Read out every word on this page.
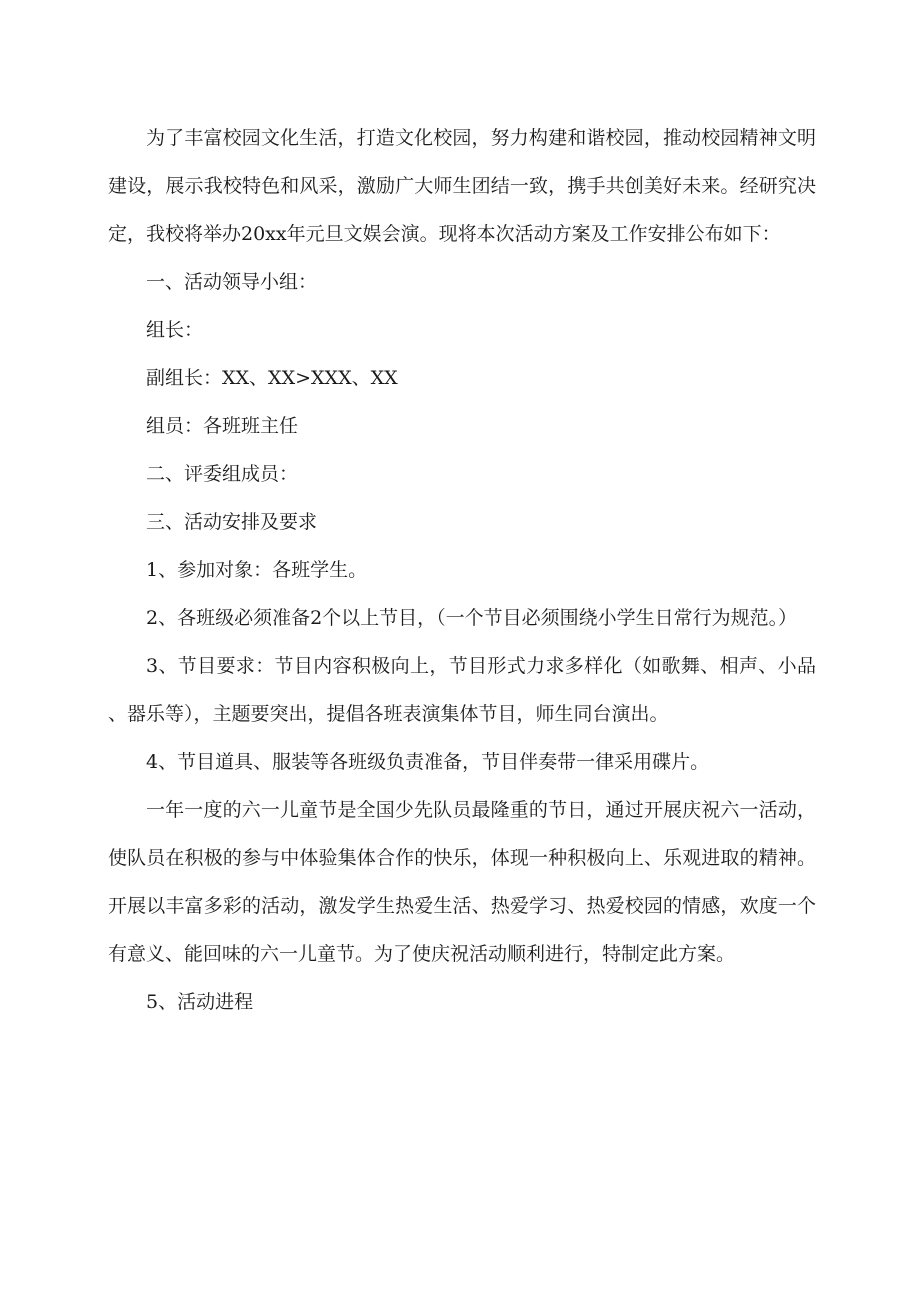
为了丰富校园文化生活，打造文化校园，努力构建和谐校园，推动校园精神文明建设，展示我校特色和风采，激励广大师生团结一致，携手共创美好未来。经研究决定，我校将举办20xx年元旦文娱会演。现将本次活动方案及工作安排公布如下：

一、活动领导小组：

组长：

副组长：XX、XX>XXX、XX

组员：各班班主任

二、评委组成员：

三、活动安排及要求

1、参加对象：各班学生。

2、各班级必须准备2个以上节目，（一个节目必须围绕小学生日常行为规范。）

3、节目要求：节目内容积极向上，节目形式力求多样化（如歌舞、相声、小品、器乐等），主题要突出，提倡各班表演集体节目，师生同台演出。

4、节目道具、服装等各班级负责准备，节目伴奏带一律采用碟片。

一年一度的六一儿童节是全国少先队员最隆重的节日，通过开展庆祝六一活动，使队员在积极的参与中体验集体合作的快乐，体现一种积极向上、乐观进取的精神。开展以丰富多彩的活动，激发学生热爱生活、热爱学习、热爱校园的情感，欢度一个有意义、能回味的六一儿童节。为了使庆祝活动顺利进行，特制定此方案。

5、活动进程
